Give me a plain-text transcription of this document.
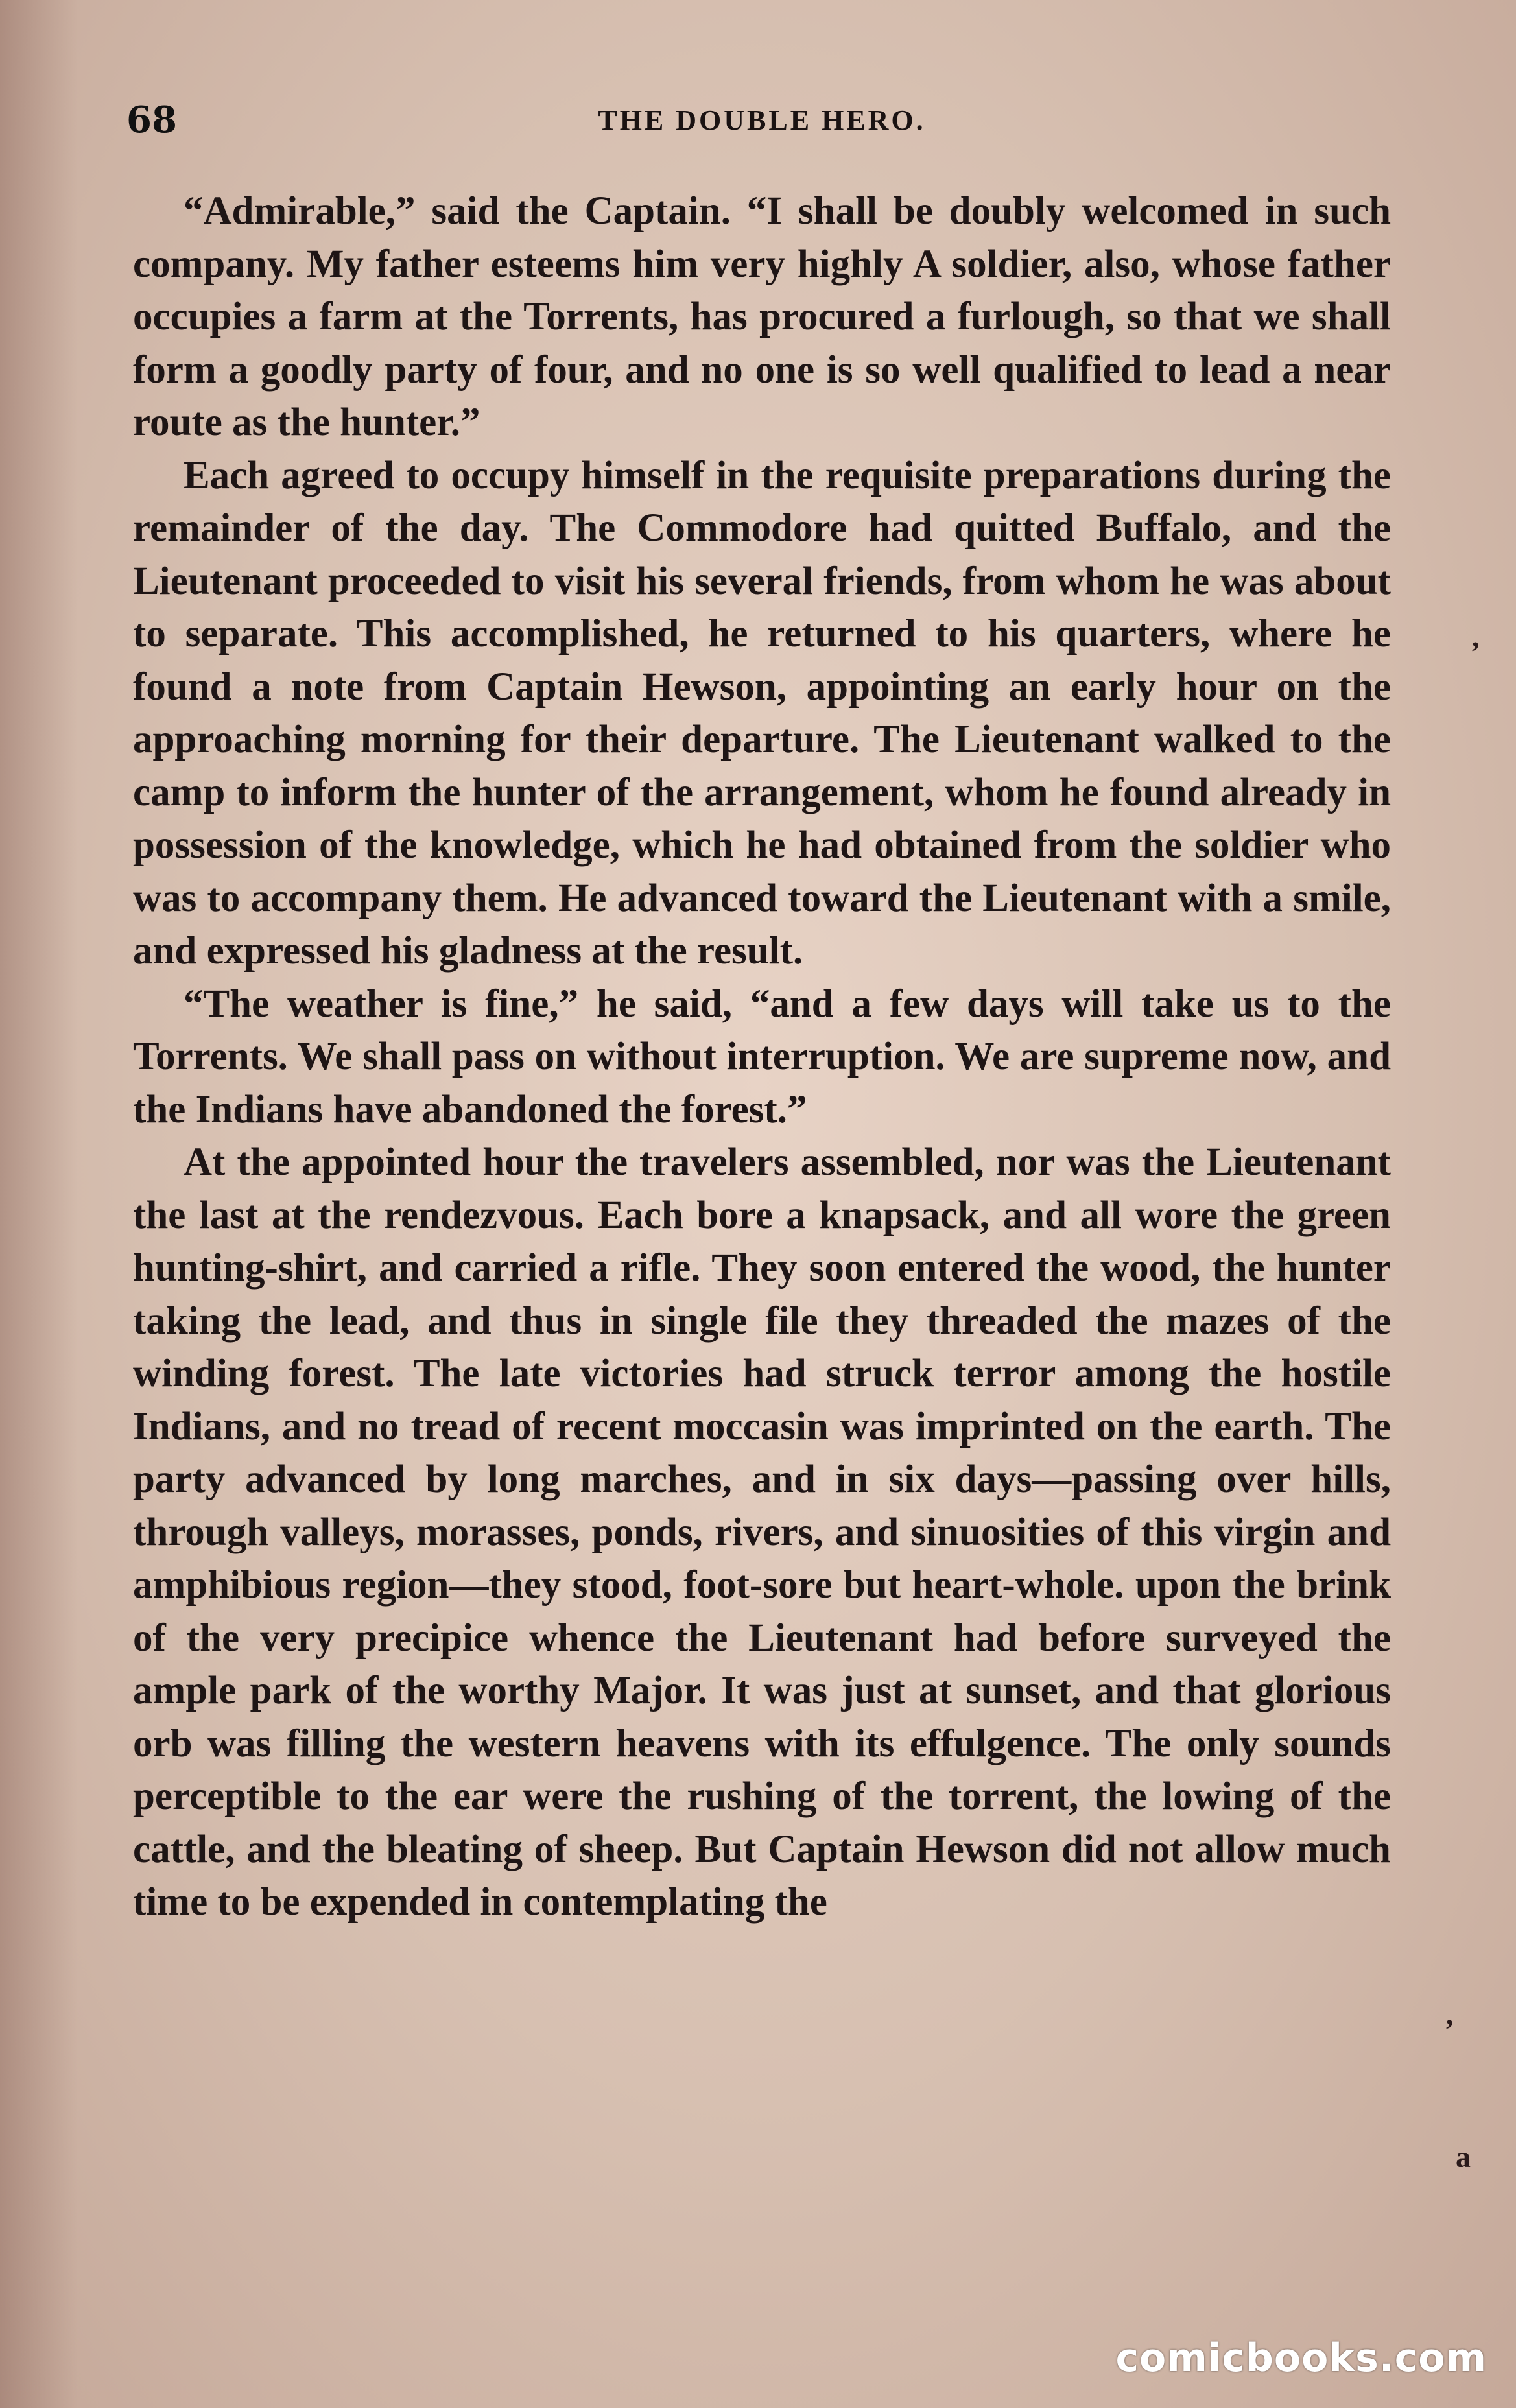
68	THE DOUBLE HERO.

“Admirable,” said the Captain. “I shall be doubly welcomed in such company. My father esteems him very highly A soldier, also, whose father occupies a farm at the Torrents, has procured a furlough, so that we shall form a goodly party of four, and no one is so well qualified to lead a near route as the hunter.”

Each agreed to occupy himself in the requisite preparations during the remainder of the day. The Commodore had quitted Buffalo, and the Lieutenant proceeded to visit his several friends, from whom he was about to separate. This accomplished, he returned to his quarters, where he found a note from Captain Hewson, appointing an early hour on the approaching morning for their departure. The Lieutenant walked to the camp to inform the hunter of the arrangement, whom he found already in possession of the knowledge, which he had obtained from the soldier who was to accompany them. He advanced toward the Lieutenant with a smile, and expressed his gladness at the result.

“The weather is fine,” he said, “and a few days will take us to the Torrents. We shall pass on without interruption. We are supreme now, and the Indians have abandoned the forest.”

At the appointed hour the travelers assembled, nor was the Lieutenant the last at the rendezvous. Each bore a knapsack, and all wore the green hunting-shirt, and carried a rifle. They soon entered the wood, the hunter taking the lead, and thus in single file they threaded the mazes of the winding forest. The late victories had struck terror among the hostile Indians, and no tread of recent moccasin was imprinted on the earth. The party advanced by long marches, and in six days—passing over hills, through valleys, morasses, ponds, rivers, and sinuosities of this virgin and amphibious region—they stood, foot-sore but heart-whole. upon the brink of the very precipice whence the Lieutenant had before surveyed the ample park of the worthy Major. It was just at sunset, and that glorious orb was filling the western heavens with its effulgence. The only sounds perceptible to the ear were the rushing of the torrent, the lowing of the cattle, and the bleating of sheep. But Captain Hewson did not allow much time to be expended in contemplating the

,
,
a
comicbooks.com
